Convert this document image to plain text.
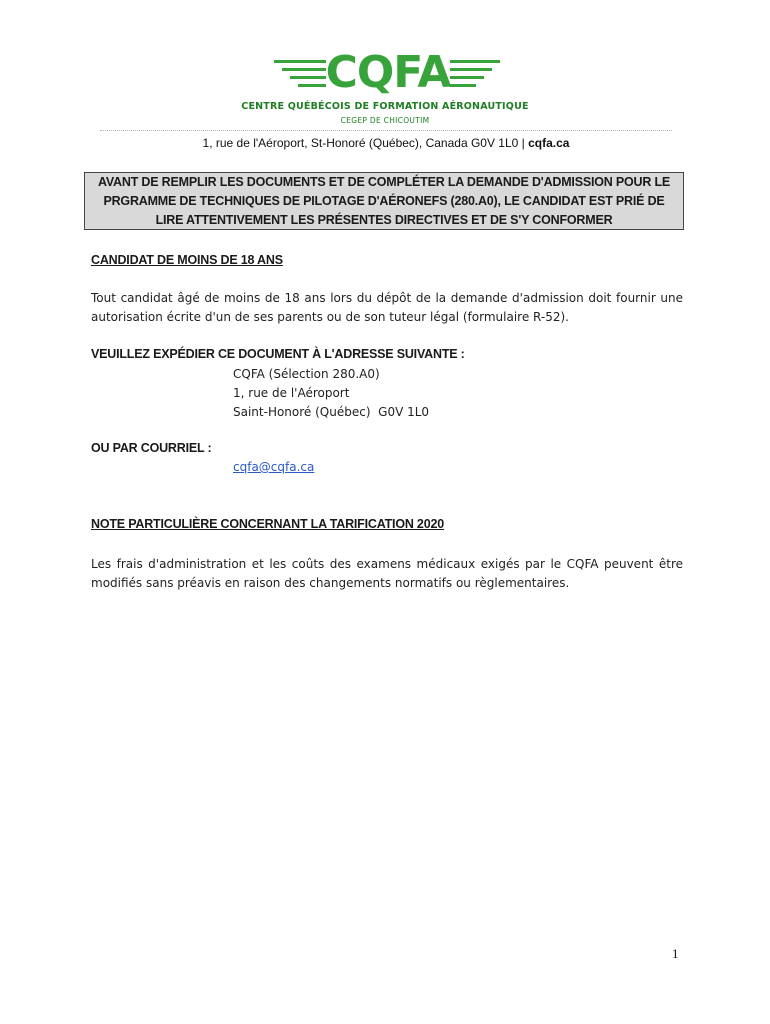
CQFA
CENTRE QUÉBÉCOIS DE FORMATION AÉRONAUTIQUE
CEGEP DE CHICOUTIM
1, rue de l'Aéroport, St-Honoré (Québec), Canada G0V 1L0 | cqfa.ca
AVANT DE REMPLIR LES DOCUMENTS ET DE COMPLÉTER LA DEMANDE D'ADMISSION POUR LE PRGRAMME DE TECHNIQUES DE PILOTAGE D'AÉRONEFS (280.A0), LE CANDIDAT EST PRIÉ DE LIRE ATTENTIVEMENT LES PRÉSENTES DIRECTIVES ET DE S'Y CONFORMER
CANDIDAT DE MOINS DE 18 ANS
Tout candidat âgé de moins de 18 ans lors du dépôt de la demande d'admission doit fournir une autorisation écrite d'un de ses parents ou de son tuteur légal (formulaire R-52).
VEUILLEZ EXPÉDIER CE DOCUMENT À L'ADRESSE SUIVANTE :
CQFA (Sélection 280.A0)
1, rue de l'Aéroport
Saint-Honoré (Québec)  G0V 1L0
OU PAR COURRIEL :
cqfa@cqfa.ca
NOTE PARTICULIÈRE CONCERNANT LA TARIFICATION 2020
Les frais d'administration et les coûts des examens médicaux exigés par le CQFA peuvent être modifiés sans préavis en raison des changements normatifs ou règlementaires.
1
